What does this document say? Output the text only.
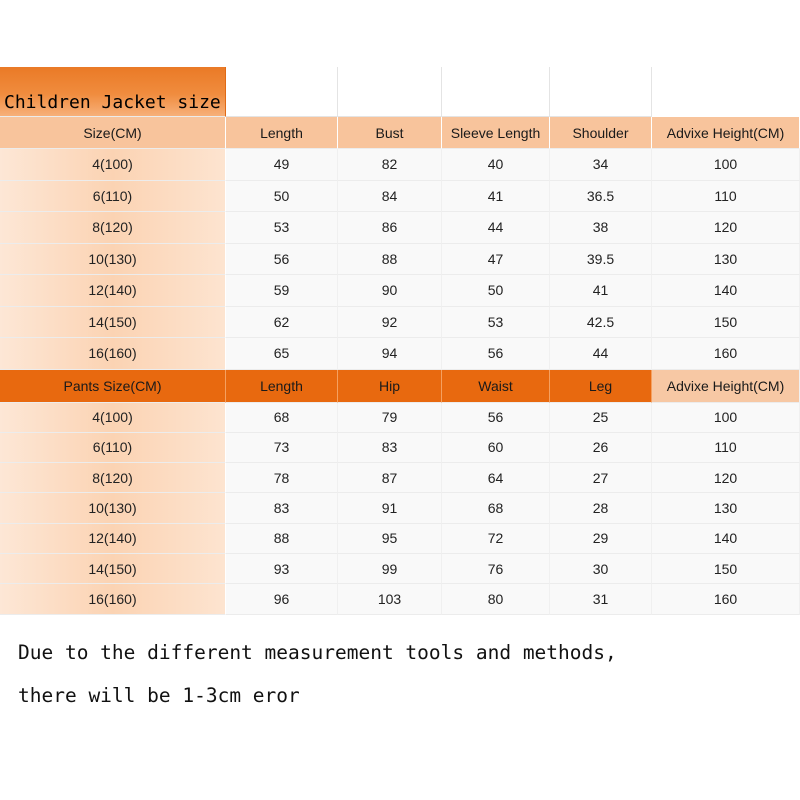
Children Jacket size
Size(CM)	Length	Bust	Sleeve Length	Shoulder	Advixe Height(CM)
4(100)	49	82	40	34	100
6(110)	50	84	41	36.5	110
8(120)	53	86	44	38	120
10(130)	56	88	47	39.5	130
12(140)	59	90	50	41	140
14(150)	62	92	53	42.5	150
16(160)	65	94	56	44	160
Pants Size(CM)	Length	Hip	Waist	Leg	Advixe Height(CM)
4(100)	68	79	56	25	100
6(110)	73	83	60	26	110
8(120)	78	87	64	27	120
10(130)	83	91	68	28	130
12(140)	88	95	72	29	140
14(150)	93	99	76	30	150
16(160)	96	103	80	31	160
Due to the different measurement tools and methods,
there will be 1-3cm eror
